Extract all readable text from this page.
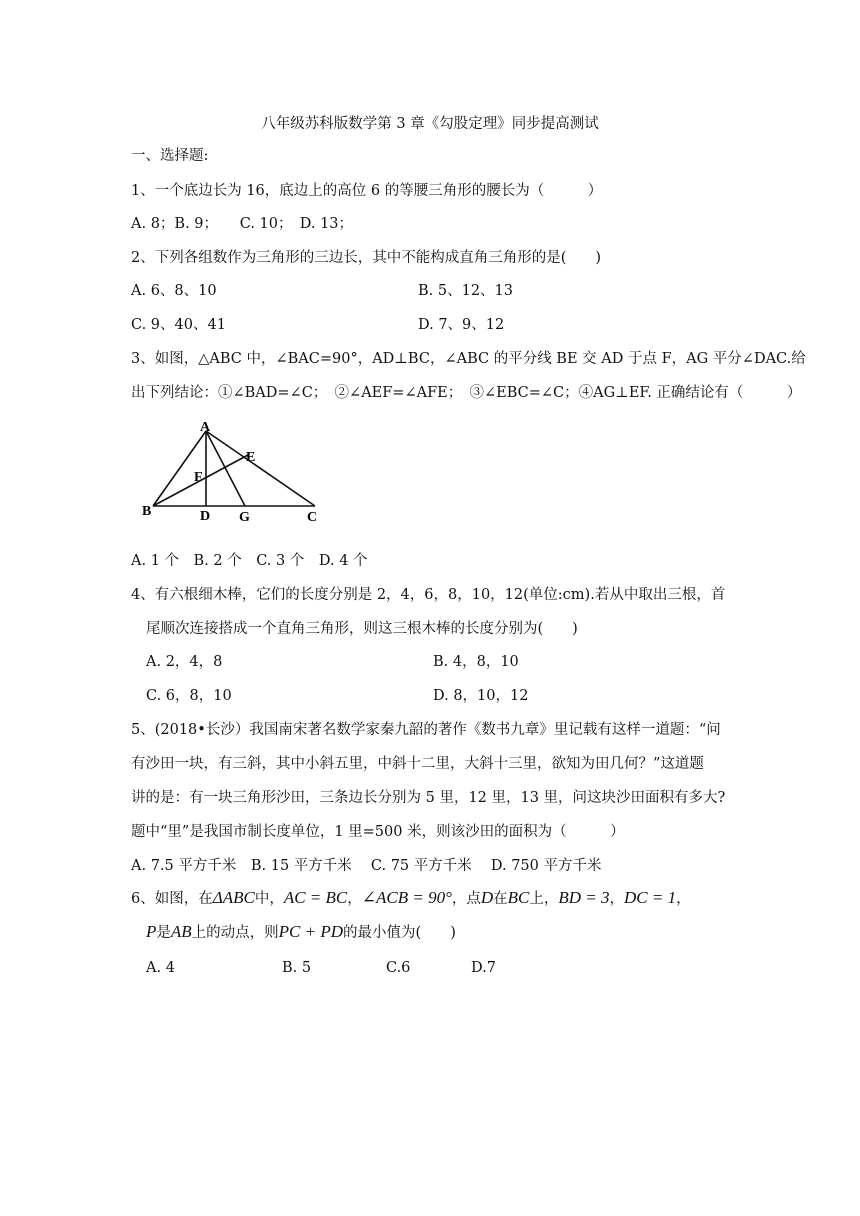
八年级苏科版数学第 3 章《勾股定理》同步提高测试
一、选择题:
1、一个底边长为 16，底边上的高位 6 的等腰三角形的腰长为（　　　）
A. 8；B. 9；　　C. 10；　D. 13；
2、下列各组数作为三角形的三边长，其中不能构成直角三角形的是(　　)
A. 6、8、10	B. 5、12、13
C. 9、40、41	D. 7、9、12
3、如图，△ABC 中，∠BAC=90°，AD⊥BC，∠ABC 的平分线 BE 交 AD 于点 F，AG 平分∠DAC.给
出下列结论：①∠BAD=∠C；　②∠AEF=∠AFE；　③∠EBC=∠C；④AG⊥EF. 正确结论有（　　　）
A
E
F
B	D G	C
A. 1 个　B. 2 个　C. 3 个　D. 4 个
4、有六根细木棒，它们的长度分别是 2，4，6，8，10，12(单位:cm).若从中取出三根，首
尾顺次连接搭成一个直角三角形，则这三根木棒的长度分别为(　　)
A. 2，4，8	B. 4，8，10
C. 6，8，10	D. 8，10，12
5、(2018•长沙）我国南宋著名数学家秦九韶的著作《数书九章》里记载有这样一道题：“问
有沙田一块，有三斜，其中小斜五里，中斜十二里，大斜十三里，欲知为田几何？”这道题
讲的是：有一块三角形沙田，三条边长分别为 5 里，12 里，13 里，问这块沙田面积有多大?
题中“里”是我国市制长度单位，1 里=500 米，则该沙田的面积为（　　　）
A. 7.5 平方千米　B. 15 平方千米　 C. 75 平方千米　 D. 750 平方千米
6、如图，在ΔABC中，AC = BC，∠ACB = 90°，点D在BC上，BD = 3，DC = 1，
P是AB上的动点，则PC + PD的最小值为(　　)
A. 4	B. 5	C.6	D.7
